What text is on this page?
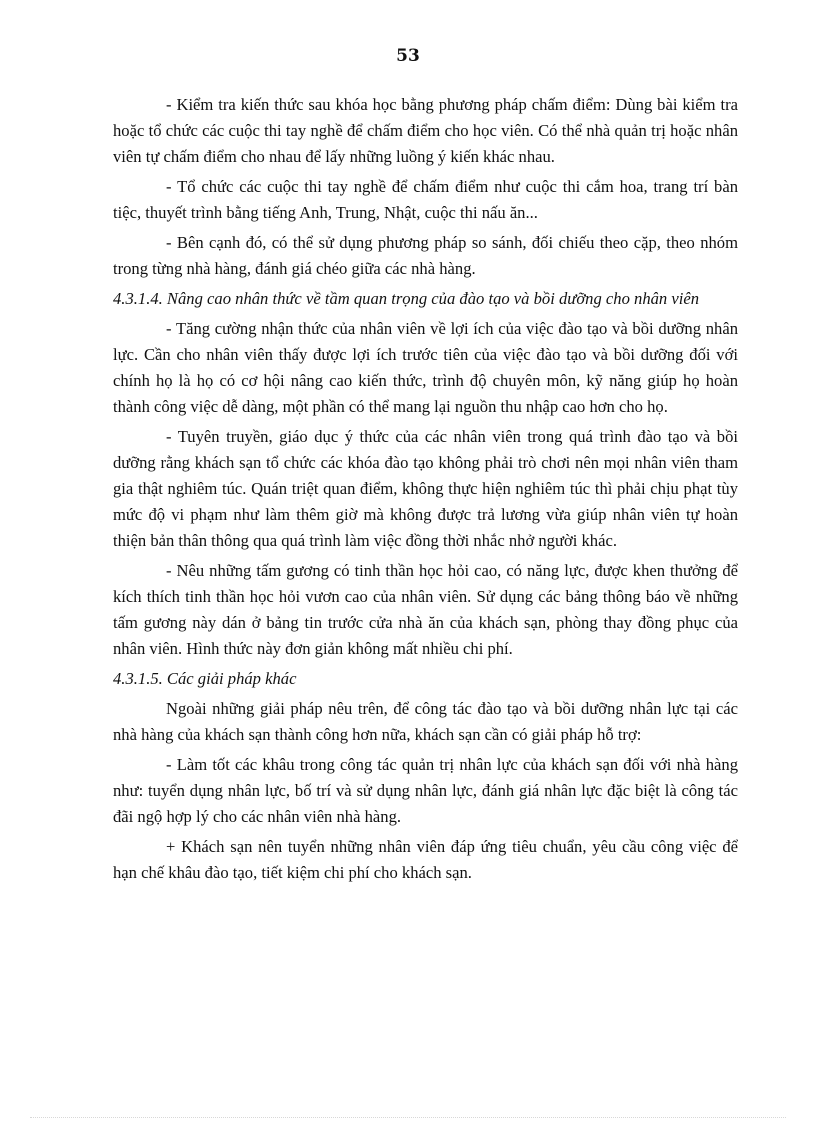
53

- Kiểm tra kiến thức sau khóa học bằng phương pháp chấm điểm: Dùng bài kiểm tra hoặc tổ chức các cuộc thi tay nghề để chấm điểm cho học viên. Có thể nhà quản trị hoặc nhân viên tự chấm điểm cho nhau để lấy những luồng ý kiến khác nhau.

- Tổ chức các cuộc thi tay nghề để chấm điểm như cuộc thi cắm hoa, trang trí bàn tiệc, thuyết trình bằng tiếng Anh, Trung, Nhật, cuộc thi nấu ăn...

- Bên cạnh đó, có thể sử dụng phương pháp so sánh, đối chiếu theo cặp, theo nhóm trong từng nhà hàng, đánh giá chéo giữa các nhà hàng.

4.3.1.4. Nâng cao nhân thức về tầm quan trọng của đào tạo và bồi dưỡng cho nhân viên

- Tăng cường nhận thức của nhân viên về lợi ích của việc đào tạo và bồi dưỡng nhân lực. Cần cho nhân viên thấy được lợi ích trước tiên của việc đào tạo và bồi dưỡng đối với chính họ là họ có cơ hội nâng cao kiến thức, trình độ chuyên môn, kỹ năng giúp họ hoàn thành công việc dễ dàng, một phần có thể mang lại nguồn thu nhập cao hơn cho họ.

- Tuyên truyền, giáo dục ý thức của các nhân viên trong quá trình đào tạo và bồi dưỡng rằng khách sạn tổ chức các khóa đào tạo không phải trò chơi nên mọi nhân viên tham gia thật nghiêm túc. Quán triệt quan điểm, không thực hiện nghiêm túc thì phải chịu phạt tùy mức độ vi phạm như làm thêm giờ mà không được trả lương vừa giúp nhân viên tự hoàn thiện bản thân thông qua quá trình làm việc đồng thời nhắc nhở người khác.

- Nêu những tấm gương có tinh thần học hỏi cao, có năng lực, được khen thưởng để kích thích tinh thần học hỏi vươn cao của nhân viên. Sử dụng các bảng thông báo về những tấm gương này dán ở bảng tin trước cửa nhà ăn của khách sạn, phòng thay đồng phục của nhân viên. Hình thức này đơn giản không mất nhiều chi phí.

4.3.1.5. Các giải pháp khác

Ngoài những giải pháp nêu trên, để công tác đào tạo và bồi dưỡng nhân lực tại các nhà hàng của khách sạn thành công hơn nữa, khách sạn cần có giải pháp hỗ trợ:

- Làm tốt các khâu trong công tác quản trị nhân lực của khách sạn đối với nhà hàng như: tuyển dụng nhân lực, bố trí và sử dụng nhân lực, đánh giá nhân lực đặc biệt là công tác đãi ngộ hợp lý cho các nhân viên nhà hàng.

+ Khách sạn nên tuyển những nhân viên đáp ứng tiêu chuẩn, yêu cầu công việc để hạn chế khâu đào tạo, tiết kiệm chi phí cho khách sạn.
